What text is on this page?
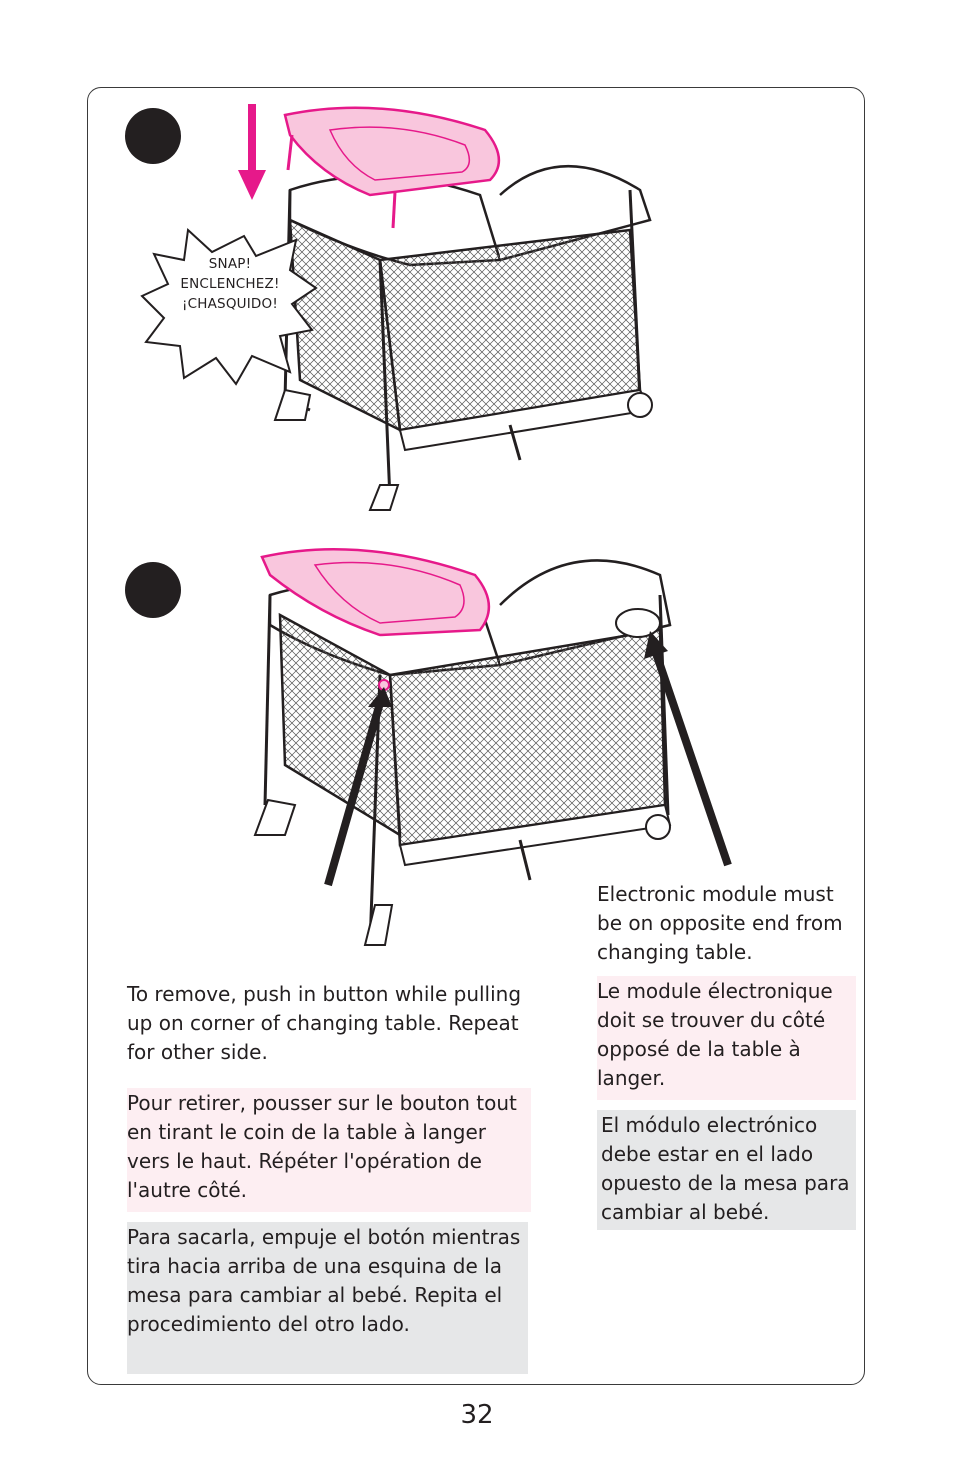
SNAP!
ENCLENCHEZ!
¡CHASQUIDO!

To remove, push in button while pulling up on corner of changing table. Repeat for other side.

Pour retirer, pousser sur le bouton tout en tirant le coin de la table à langer vers le haut. Répéter l'opération de l'autre côté.

Para sacarla, empuje el botón mientras tira hacia arriba de una esquina de la mesa para cambiar al bebé. Repita el procedimiento del otro lado.

Electronic module must be on opposite end from changing table.

Le module électronique doit se trouver du côté opposé de la table à langer.

El módulo electrónico debe estar en el lado opuesto de la mesa para cambiar al bebé.

32
